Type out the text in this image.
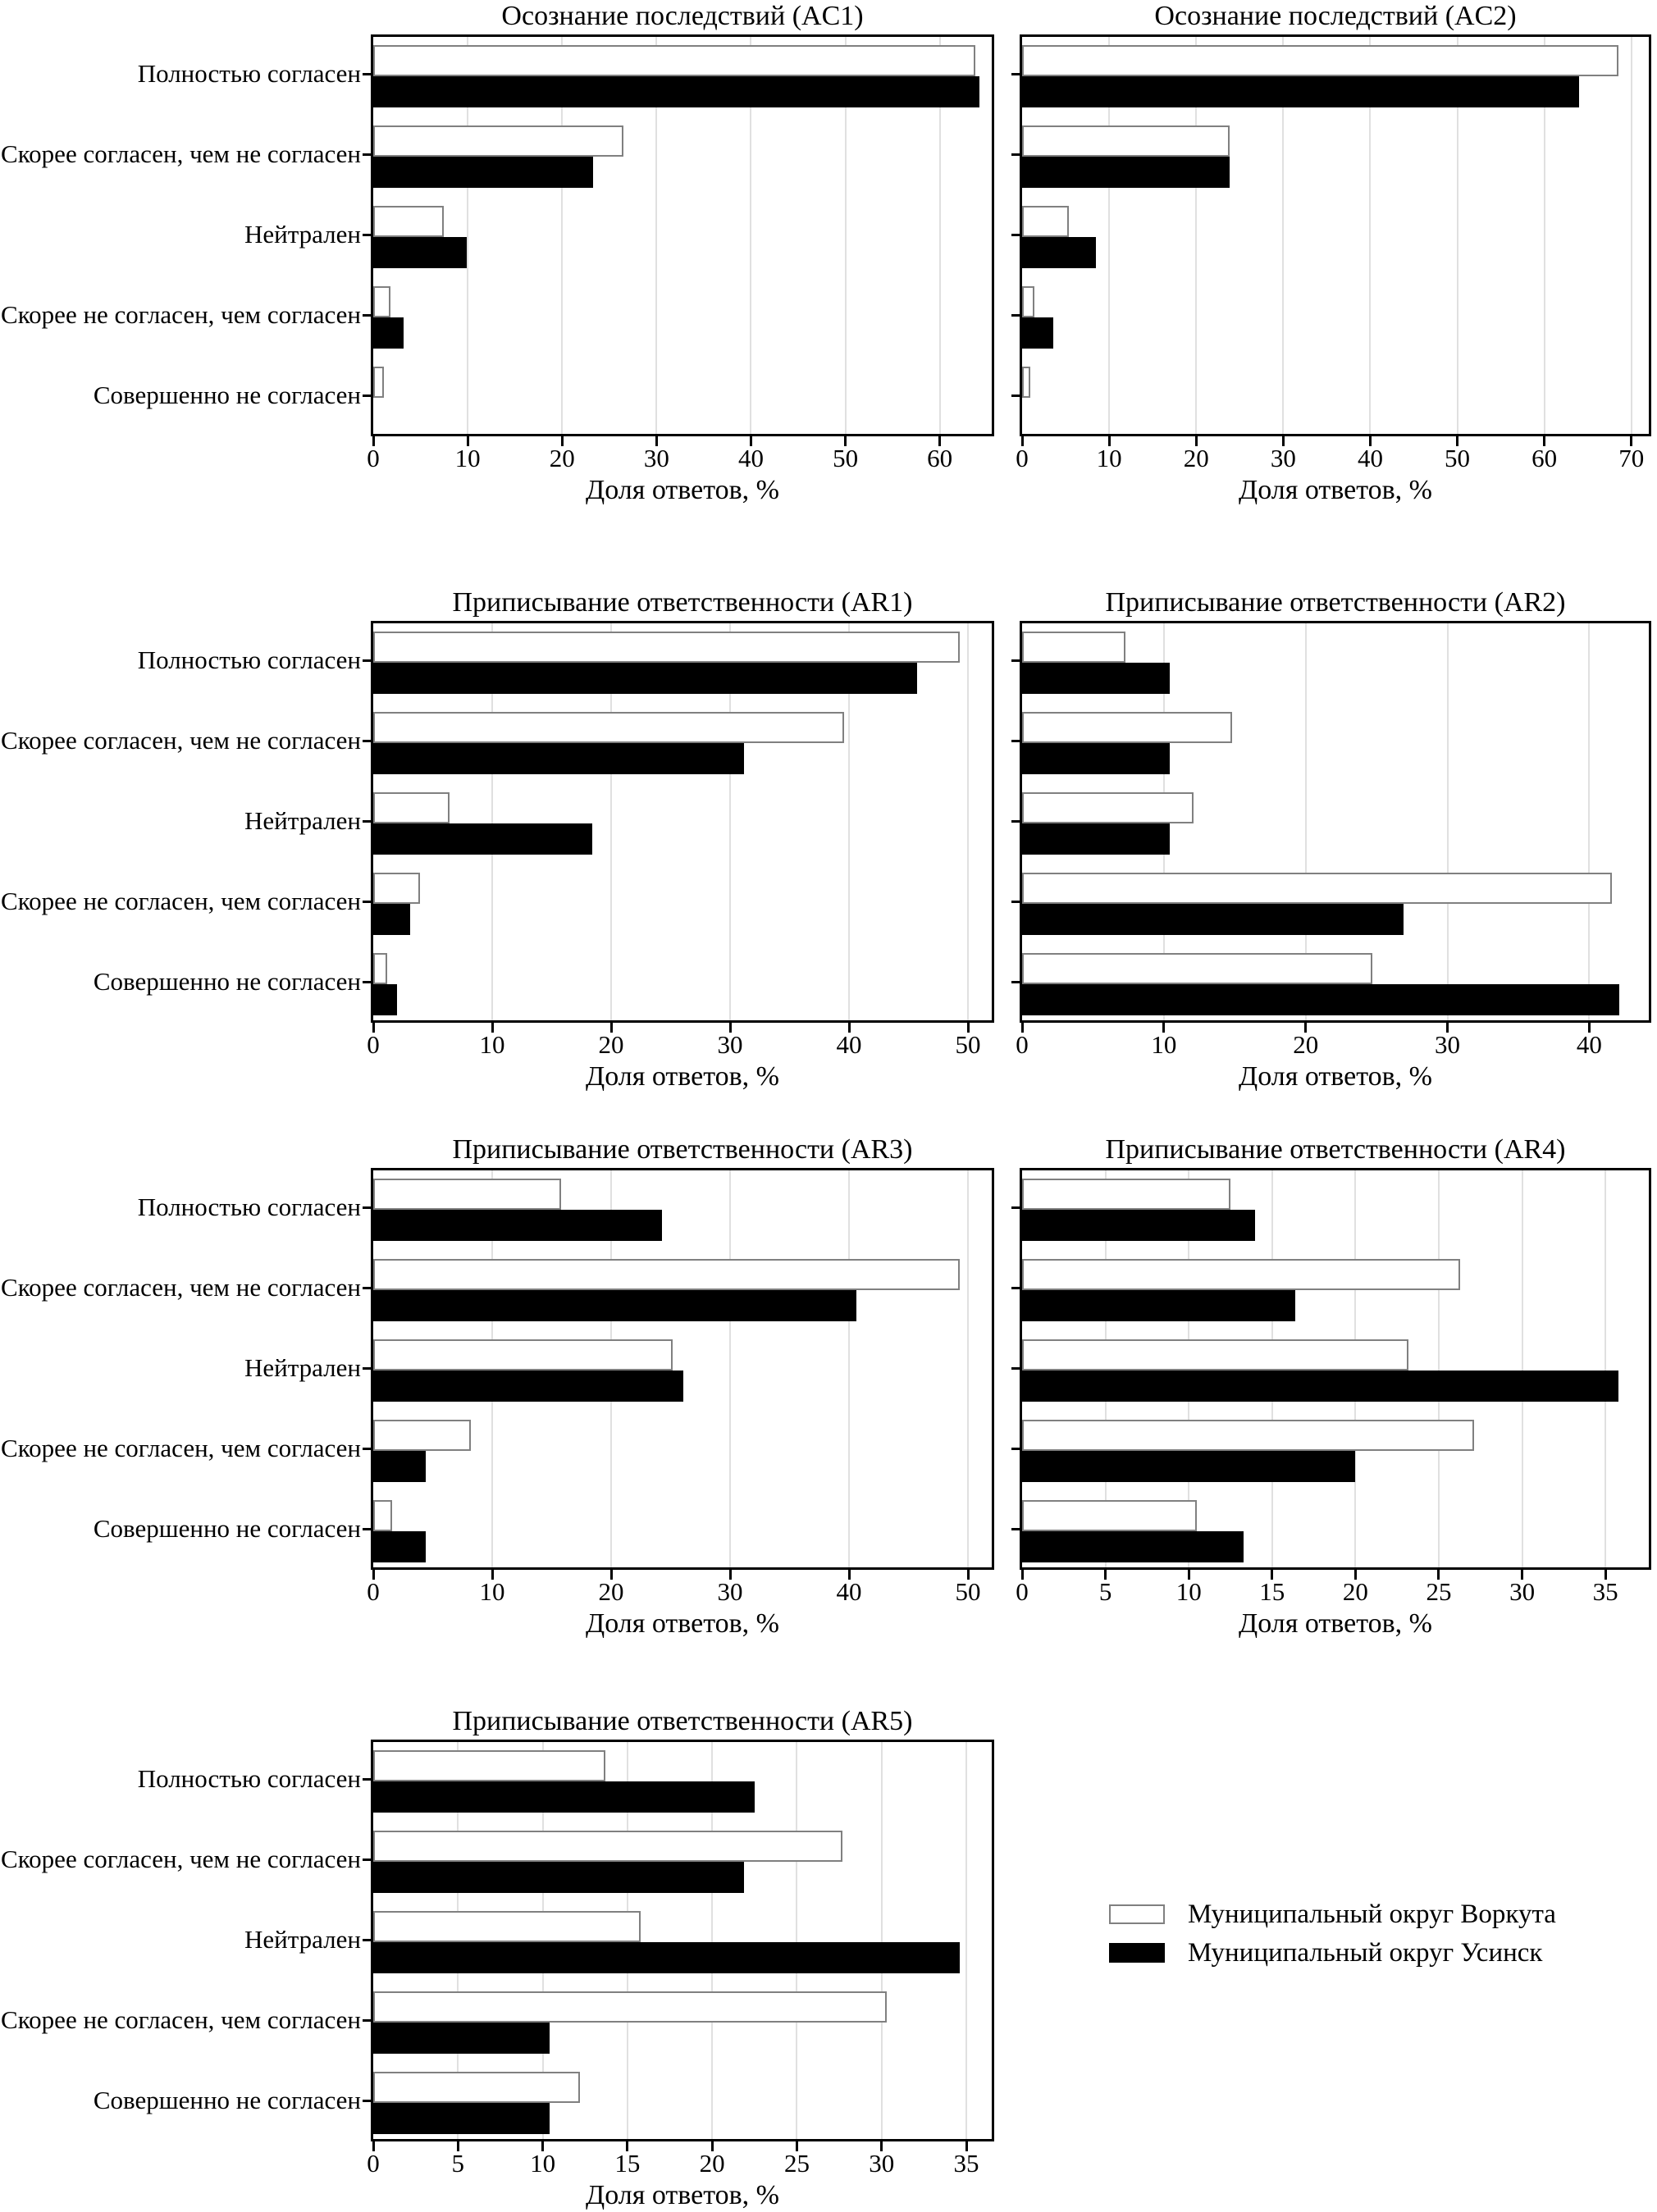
Осознание последствий (AC1)
Полностью согласен
Скорее согласен, чем не согласен
Нейтрален
Скорее не согласен, чем согласен
Совершенно не согласен
0	10	20	30	40	50	60
Доля ответов, %
Осознание последствий (AC2)
0	10	20	30	40	50	60	70
Доля ответов, %
Приписывание ответственности (AR1)
Полностью согласен
Скорее согласен, чем не согласен
Нейтрален
Скорее не согласен, чем согласен
Совершенно не согласен
0	10	20	30	40	50
Доля ответов, %
Приписывание ответственности (AR2)
0	10	20	30	40
Доля ответов, %
Приписывание ответственности (AR3)
Полностью согласен
Скорее согласен, чем не согласен
Нейтрален
Скорее не согласен, чем согласен
Совершенно не согласен
0	10	20	30	40	50
Доля ответов, %
Приписывание ответственности (AR4)
0	5	10	15	20	25	30	35
Доля ответов, %
Приписывание ответственности (AR5)
Полностью согласен
Скорее согласен, чем не согласен
Нейтрален
Скорее не согласен, чем согласен
Совершенно не согласен
0	5	10	15	20	25	30	35
Доля ответов, %
Муниципальный округ Воркута
Муниципальный округ Усинск
